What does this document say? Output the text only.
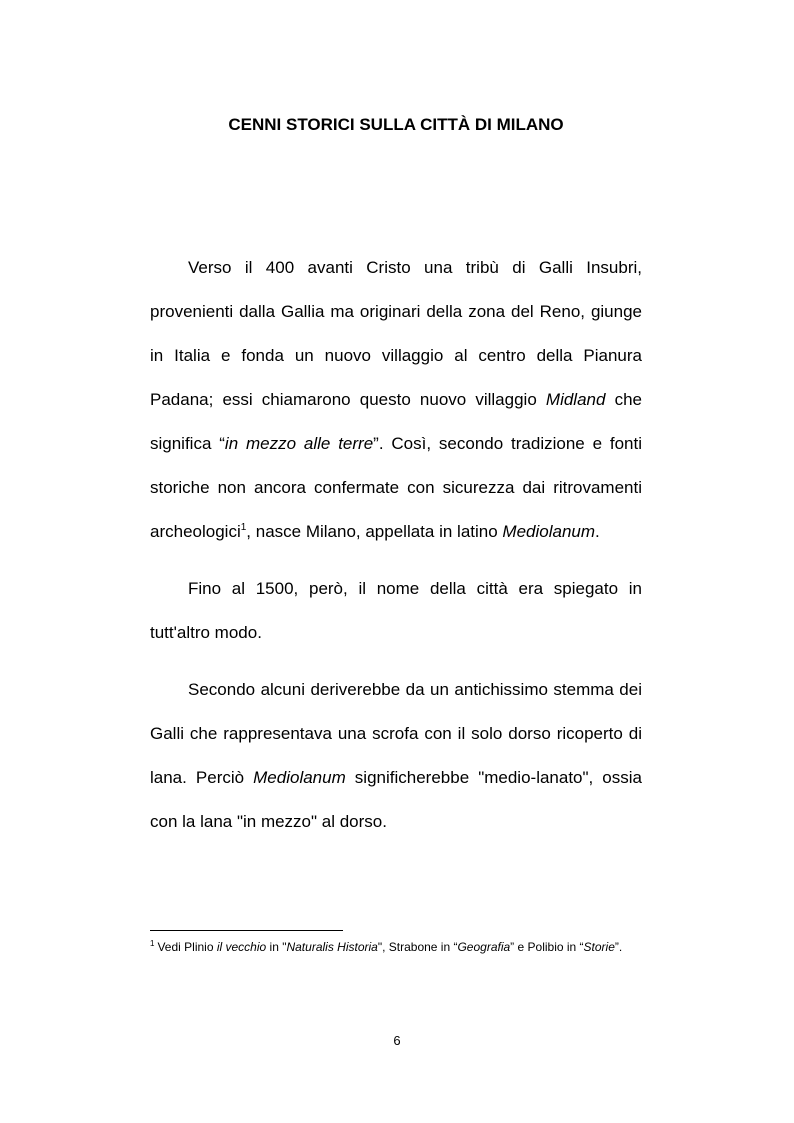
CENNI STORICI SULLA CITTÀ DI MILANO

Verso il 400 avanti Cristo una tribù di Galli Insubri, provenienti dalla Gallia ma originari della zona del Reno, giunge in Italia e fonda un nuovo villaggio al centro della Pianura Padana; essi chiamarono questo nuovo villaggio Midland che significa “in mezzo alle terre”. Così, secondo tradizione e fonti storiche non ancora confermate con sicurezza dai ritrovamenti archeologici$^1$, nasce Milano, appellata in latino Mediolanum.

Fino al 1500, però, il nome della città era spiegato in tutt'altro modo.

Secondo alcuni deriverebbe da un antichissimo stemma dei Galli che rappresentava una scrofa con il solo dorso ricoperto di lana. Perciò Mediolanum significherebbe "medio-lanato", ossia con la lana "in mezzo" al dorso.

$^1$ Vedi Plinio il vecchio in "Naturalis Historia", Strabone in “Geografia” e Polibio in “Storie”.
6
